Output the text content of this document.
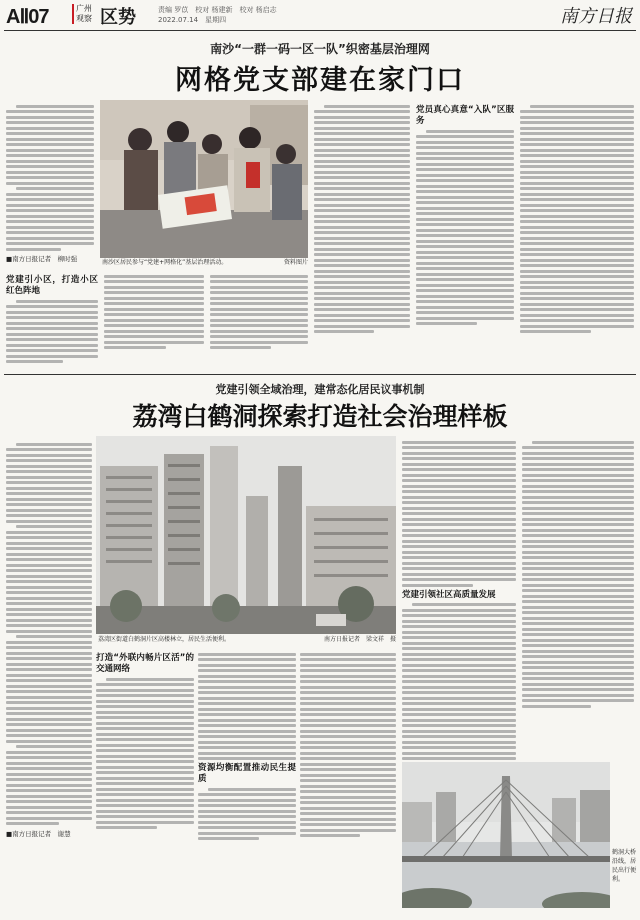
AⅡ07	广州
观察 区势	责编 罗苡　校对 杨建新　校对 杨启志
2022.07.14　星期四	南方日报
南沙“一群一码一区一队”织密基层治理网
网格党支部建在家门口
■南方日报记者　柳时强	南沙区居民参与“党建+网格化”基层治理活动。	资料图片
党建引小区，打造小区红色阵地
党员真心真意“入队”区服务
党建引领全域治理，建常态化居民议事机制
荔湾白鹤洞探索打造社会治理样板
■南方日报记者　谢慧
荔湾区街道白鹤洞片区高楼林立，居民生活便利。	南方日报记者　梁文祥　摄
打造“外联内畅片区活”的交通网络
资源均衡配置推动民生提质
党建引领社区高质量发展
鹤洞大桥沿线，居民出行便利。
